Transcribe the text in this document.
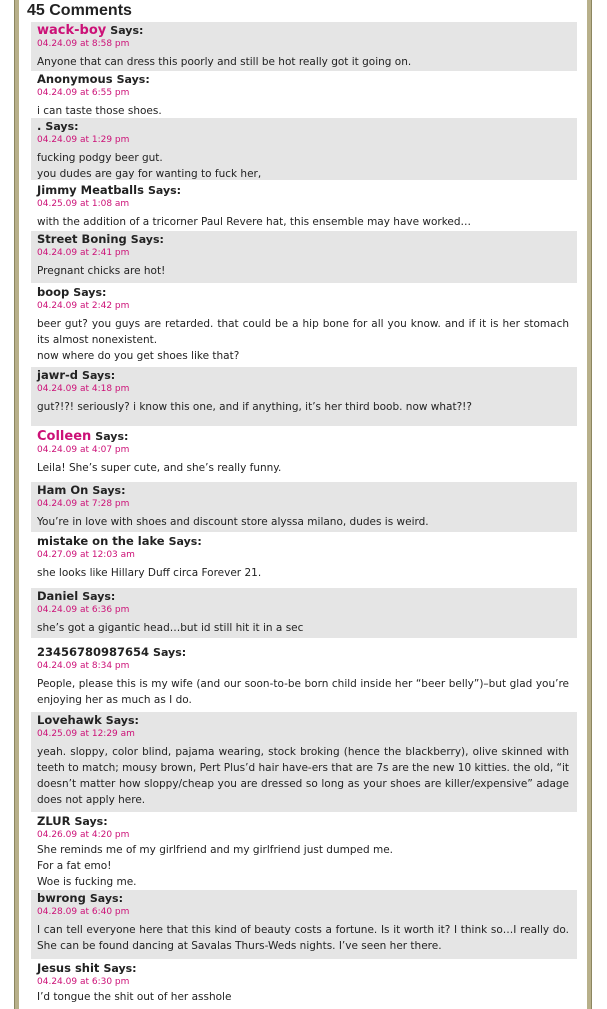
45 Comments
wack-boy Says:
04.24.09 at 8:58 pm

Anyone that can dress this poorly and still be hot really got it going on.

Anonymous Says:
04.24.09 at 6:55 pm

i can taste those shoes.

. Says:
04.24.09 at 1:29 pm

fucking podgy beer gut.

you dudes are gay for wanting to fuck her,

Jimmy Meatballs Says:
04.25.09 at 1:08 am

with the addition of a tricorner Paul Revere hat, this ensemble may have worked…

Street Boning Says:
04.24.09 at 2:41 pm

Pregnant chicks are hot!

boop Says:
04.24.09 at 2:42 pm

beer gut? you guys are retarded. that could be a hip bone for all you know. and if it is her stomach its almost nonexistent.

now where do you get shoes like that?

jawr-d Says:
04.24.09 at 4:18 pm

gut?!?! seriously? i know this one, and if anything, it’s her third boob. now what?!?

Colleen Says:
04.24.09 at 4:07 pm

Leila! She’s super cute, and she’s really funny.

Ham On Says:
04.24.09 at 7:28 pm

You’re in love with shoes and discount store alyssa milano, dudes is weird.

mistake on the lake Says:
04.27.09 at 12:03 am

she looks like Hillary Duff circa Forever 21.

Daniel Says:
04.24.09 at 6:36 pm

she’s got a gigantic head…but id still hit it in a sec

23456780987654 Says:
04.24.09 at 8:34 pm

People, please this is my wife (and our soon-to-be born child inside her “beer belly”)–but glad you’re enjoying her as much as I do.

Lovehawk Says:
04.25.09 at 12:29 am

yeah. sloppy, color blind, pajama wearing, stock broking (hence the blackberry), olive skinned with teeth to match; mousy brown, Pert Plus’d hair have-ers that are 7s are the new 10 kitties. the old, “it doesn’t matter how sloppy/cheap you are dressed so long as your shoes are killer/expensive” adage does not apply here.

ZLUR Says:
04.26.09 at 4:20 pm

She reminds me of my girlfriend and my girlfriend just dumped me.

For a fat emo!

Woe is fucking me.

bwrong Says:
04.28.09 at 6:40 pm

I can tell everyone here that this kind of beauty costs a fortune. Is it worth it? I think so…I really do. She can be found dancing at Savalas Thurs-Weds nights. I’ve seen her there.

Jesus shit Says:
04.24.09 at 6:30 pm

I’d tongue the shit out of her asshole
